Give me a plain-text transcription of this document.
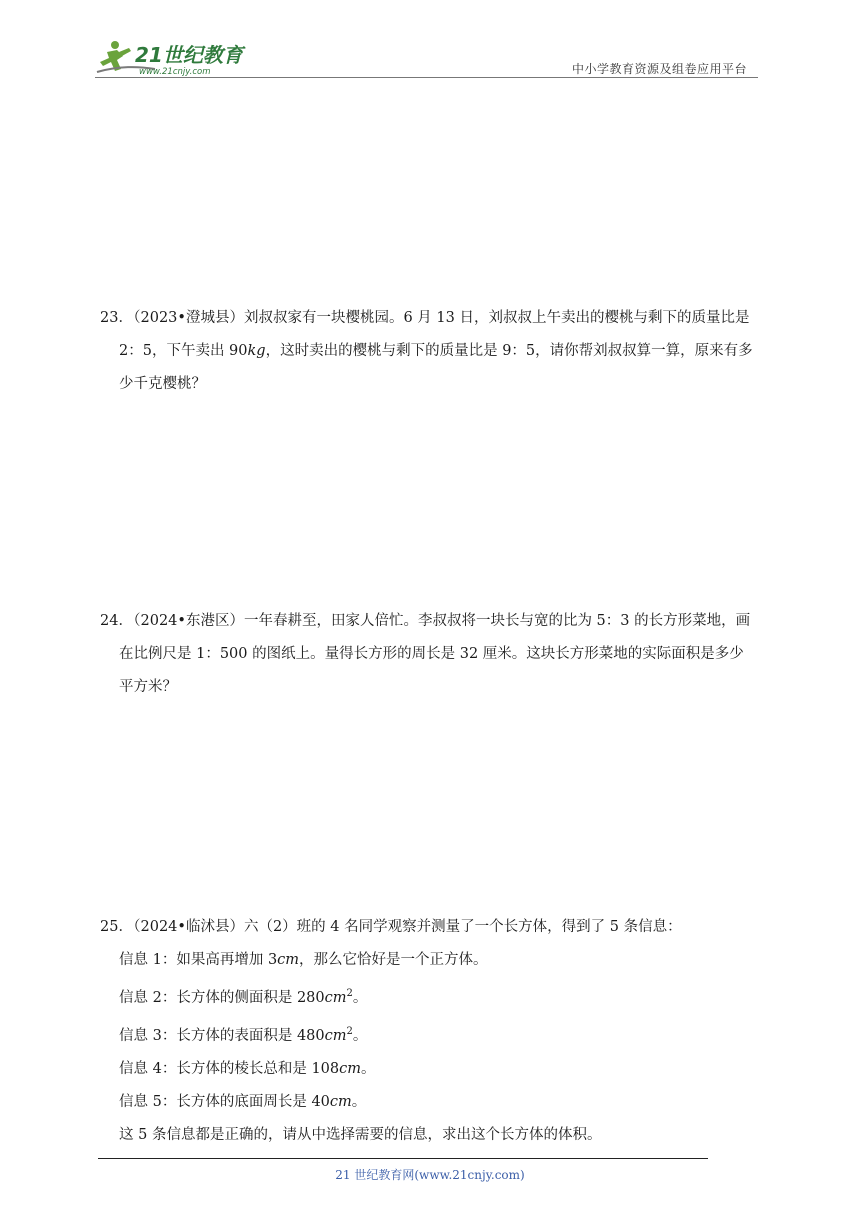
21世纪教育
www.21cnjy.com	中小学教育资源及组卷应用平台

23．（2023•澄城县）刘叔叔家有一块樱桃园。6 月 13 日，刘叔叔上午卖出的樱桃与剩下的质量比是

2：5，下午卖出 90kg，这时卖出的樱桃与剩下的质量比是 9：5，请你帮刘叔叔算一算，原来有多

少千克樱桃？

24．（2024•东港区）一年春耕至，田家人倍忙。李叔叔将一块长与宽的比为 5：3 的长方形菜地，画

在比例尺是 1：500 的图纸上。量得长方形的周长是 32 厘米。这块长方形菜地的实际面积是多少

平方米？

25．（2024•临沭县）六（2）班的 4 名同学观察并测量了一个长方体，得到了 5 条信息：

信息 1：如果高再增加 3cm，那么它恰好是一个正方体。

信息 2：长方体的侧面积是 $280cm^2$。

信息 3：长方体的表面积是 $480cm^2$。

信息 4：长方体的棱长总和是 108cm。

信息 5：长方体的底面周长是 40cm。

这 5 条信息都是正确的，请从中选择需要的信息，求出这个长方体的体积。

21 世纪教育网(www.21cnjy.com)
